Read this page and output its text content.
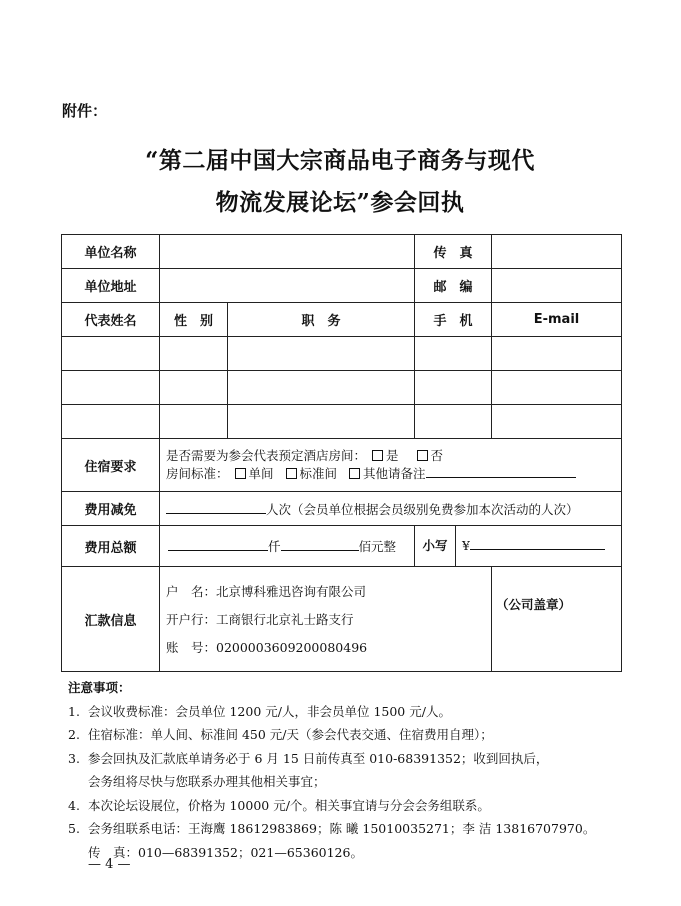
附件：
“第二届中国大宗商品电子商务与现代
物流发展论坛”参会回执
单位名称			传　真	
单位地址			邮　编	
代表姓名	性　别	职　务	手　机	E-mail

住宿要求	是否需要为参会代表预定酒店房间： 是 否
房间标准： 单间 标准间 其他请备注			
费用减免	人次（会员单位根据会员级别免费参加本次活动的人次）			
费用总额	仟 佰元整		小写 ¥	
汇款信息	户　名：北京博科雅迅咨询有限公司
开户行：工商银行北京礼士路支行
账　号：0200003609200080496			（公司盖章）
注意事项：
1. 会议收费标准：会员单位 1200 元/人，非会员单位 1500 元/人。
2. 住宿标准：单人间、标准间 450 元/天（参会代表交通、住宿费用自理）；
3. 参会回执及汇款底单请务必于 6 月 15 日前传真至 010-68391352；收到回执后，
会务组将尽快与您联系办理其他相关事宜；
4. 本次论坛设展位，价格为 10000 元/个。相关事宜请与分会会务组联系。
5. 会务组联系电话：王海鹰 18612983869；陈 曦 15010035271；李 洁 13816707970。
传　真：010—68391352；021—65360126。
— 4 —
